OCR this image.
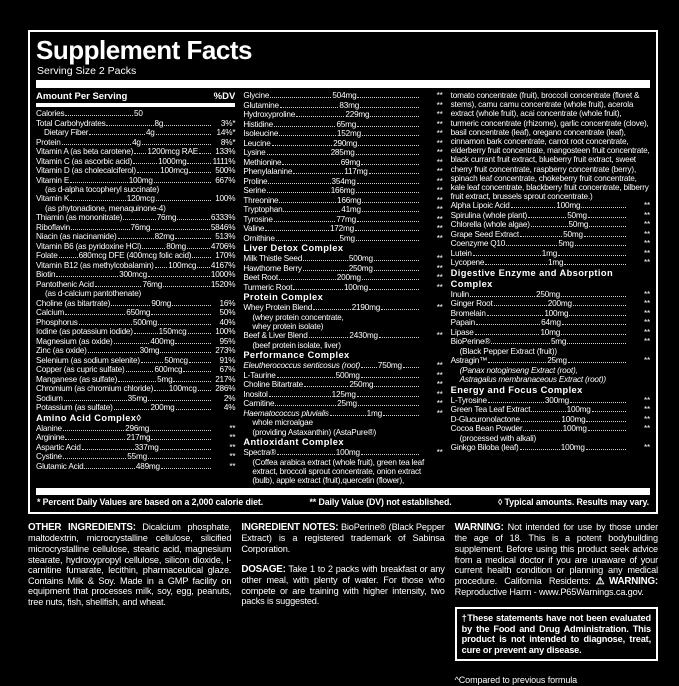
Supplement Facts
Serving Size 2 Packs
Amount Per Serving	%DV
Calories	50
Total Carbohydrates	8g	3%*
Dietary Fiber	4g	14%*
Protein	4g	8%*
Vitamin A (as beta carotene) 1200mcg RAE	133%
Vitamin C (as ascorbic acid)	1000mg	1111%
Vitamin D (as cholecalciferol)	100mcg	500%
Vitamin E	100mg	667%
(as d-alpha tocopheryl succinate)
Vitamin K	120mcg	100%
(as phytonadione, menaquinone-4)
Thiamin (as mononitrate)	76mg	6333%
Riboflavin	76mg	5846%
Niacin (as niacinamide)	82mg	513%
Vitamin B6 (as pyridoxine HCl)	80mg	4706%
Folate	680mcg DFE (400mcg folic acid)	170%
Vitamin B12 (as methylcobalamin) 100mcg 4167%
Biotin	300mcg	1000%
Pantothenic Acid	76mg	1520%
(as d-calcium pantothenate)
Choline (as bitartrate)	90mg	16%
Calcium	650mg	50%
Phosphorus	500mg	40%
Iodine (as potassium iodide)	150mcg	100%
Magnesium (as oxide)	400mg	95%
Zinc (as oxide)	30mg	273%
Selenium (as sodium selenite)	50mcg	91%
Copper (as cupric sulfate)	600mcg	67%
Manganese (as sulfate)	5mg	217%
Chromium (as chromium chloride) 100mcg	286%
Sodium	35mg	2%
Potassium (as sulfate)	200mg	4%
Amino Acid Complex◊
Alanine	296mg	**
Arginine	217mg	**
Aspartic Acid	337mg	**
Cystine	55mg	**
Glutamic Acid	489mg	**
Glycine	504mg	**
Glutamine	83mg	**
Hydroxyproline	229mg	**
Histidine	65mg	**
Isoleucine	152mg	**
Leucine	290mg	**
Lysine	285mg	**
Methionine	69mg	**
Phenylalanine	117mg	**
Proline	354mg	**
Serine	166mg	**
Threonine	166mg	**
Tryptophan	41mg	**
Tyrosine	77mg	**
Valine	172mg	**
Ornithine	5mg	**
Liver Detox Complex
Milk Thistle Seed	500mg	**
Hawthorne Berry	250mg	**
Beet Root	200mg	**
Turmeric Root	100mg	**
Protein Complex
Whey Protein Blend	2190mg	**
(whey protein concentrate,
whey protein isolate)
Beef & Liver Blend	2430mg	**
(beef protein isolate, liver)
Performance Complex
Eleutherococcus senticosus (root) 750mg	**
L-Taurine	500mg	**
Choline Bitartrate	250mg	**
Inositol	125mg	**
Carnitine	25mg	**
Haematococcus pluvialis	1mg	**
whole microalgae
(providing Astaxanthin) (AstaPure®)
Antioxidant Complex
Spectra®	100mg	**
(Coffea arabica extract (whole fruit), green tea leaf extract, broccoli sprout concentrate, onion extract (bulb), apple extract (fruit),quercetin (flower),
tomato concentrate (fruit), broccoli concentrate (floret & stems), camu camu concentrate (whole fruit), acerola extract (whole fruit), acai concentrate (whole fruit), turmeric concentrate (rhizome), garlic concentrate (clove), basil concentrate (leaf), oregano concentrate (leaf), cinnamon bark concentrate, carrot root concentrate, elderberry fruit concentrate, mangosteen fruit concentrate, black currant fruit extract, blueberry fruit extract, sweet cherry fruit concentrate, raspberry concentrate (berry), spinach leaf concentrate, chokeberry fruit concentrate, kale leaf concentrate, blackberry fruit concentrate, bilberry fruit extract, brussels sprout concentrate.)
Alpha Lipoic Acid	100mg	**
Spirulina (whole plant)	50mg	**
Chlorella (whole algae)	50mg	**
Grape Seed Extract	50mg	**
Coenzyme Q10	5mg	**
Lutein	1mg	**
Lycopene	1mg	**
Digestive Enzyme and Absorption Complex
Inulin	250mg	**
Ginger Root	200mg	**
Bromelain	100mg	**
Papain	64mg	**
Lipase	10mg	**
BioPerine®	5mg	**
(Black Pepper Extract (fruit))
Astragin™	25mg	**
(Panax notoginseng Extract (root),
Astragalus membranaceous Extract (root))
Energy and Focus Complex
L-Tyrosine	300mg	**
Green Tea Leaf Extract	100mg	**
D-Glucuronolactone	100mg	**
Cocoa Bean Powder	100mg	**
(processed with alkali)
Ginkgo Biloba (leaf)	100mg	**
* Percent Daily Values are based on a 2,000 calorie diet.	** Daily Value (DV) not established.	◊ Typical amounts. Results may vary.

OTHER INGREDIENTS: Dicalcium phosphate, maltodextrin, microcrystalline cellulose, silicified microcrystalline cellulose, stearic acid, magnesium stearate, hydroxypropyl cellulose, silicon dioxide, l-carnitine fumarate, lecithin, pharmaceutical glaze. Contains Milk & Soy. Made in a GMP facility on equipment that processes milk, soy, egg, peanuts, tree nuts, fish, shellfish, and wheat.

INGREDIENT NOTES: BioPerine® (Black Pepper Extract) is a registered trademark of Sabinsa Corporation.

DOSAGE: Take 1 to 2 packs with breakfast or any other meal, with plenty of water. For those who compete or are training with higher intensity, two packs is suggested.

WARNING: Not intended for use by those under the age of 18. This is a potent bodybuilding supplement. Before using this product seek advice from a medical doctor if you are unaware of your current health condition or planning any medical procedure. California Residents:⚠WARNING: Reproductive Harm - www.P65Warnings.ca.gov.

†These statements have not been evaluated by the Food and Drug Administration. This product is not intended to diagnose, treat, cure or prevent any disease.
^Compared to previous formula
